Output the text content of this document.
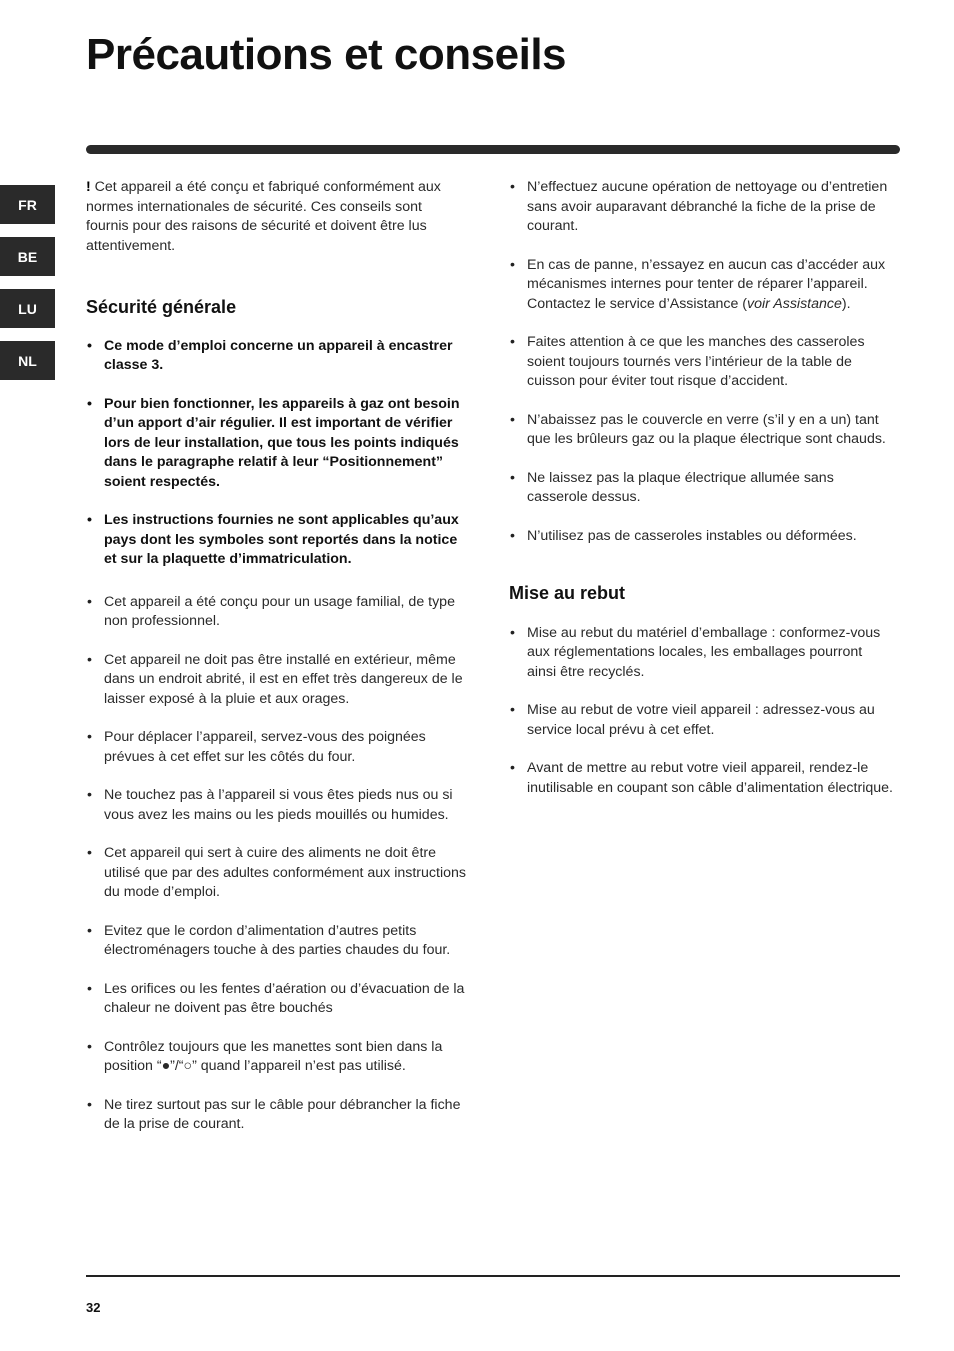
Précautions et conseils
FR
BE
LU
NL

! Cet appareil a été conçu et fabriqué conformément aux normes internationales de sécurité. Ces conseils sont fournis pour des raisons de sécurité et doivent être lus attentivement.

Sécurité générale
• Ce mode d’emploi concerne un appareil à encastrer classe 3.
• Pour bien fonctionner, les appareils à gaz ont besoin d’un apport d’air régulier. Il est important de vérifier lors de leur installation, que tous les points indiqués dans le paragraphe relatif à leur “Positionnement” soient respectés.
• Les instructions fournies ne sont applicables qu’aux pays dont les symboles sont reportés dans la notice et sur la plaquette d’immatriculation.
• Cet appareil a été conçu pour un usage familial, de type non professionnel.
• Cet appareil ne doit pas être installé en extérieur, même dans un endroit abrité, il est en effet très dangereux de le laisser exposé à la pluie et aux orages.
• Pour déplacer l’appareil, servez-vous des poignées prévues à cet effet sur les côtés du four.
• Ne touchez pas à l’appareil si vous êtes pieds nus ou si vous avez les mains ou les pieds mouillés ou humides.
• Cet appareil qui sert à cuire des aliments ne doit être utilisé que par des adultes conformément aux instructions du mode d’emploi.
• Evitez que le cordon d’alimentation d’autres petits électroménagers touche à des parties chaudes du four.
• Les orifices ou les fentes d’aération ou d’évacuation de la chaleur ne doivent pas être bouchés
• Contrôlez toujours que les manettes sont bien dans la position “●”/“○” quand l’appareil n’est pas utilisé.
• Ne tirez surtout pas sur le câble pour débrancher la fiche de la prise de courant.
• N’effectuez aucune opération de nettoyage ou d’entretien sans avoir auparavant débranché la fiche de la prise de courant.
• En cas de panne, n’essayez en aucun cas d’accéder aux mécanismes internes pour tenter de réparer l’appareil. Contactez le service d’Assistance (voir Assistance).
• Faites attention à ce que les manches des casseroles soient toujours tournés vers l’intérieur de la table de cuisson pour éviter tout risque d’accident.
• N’abaissez pas le couvercle en verre (s’il y en a un) tant que les brûleurs gaz ou la plaque électrique sont chauds.
• Ne laissez pas la plaque électrique allumée sans casserole dessus.
• N’utilisez pas de casseroles instables ou déformées.
Mise au rebut
• Mise au rebut du matériel d’emballage : conformez-vous aux réglementations locales, les emballages pourront ainsi être recyclés.
• Mise au rebut de votre vieil appareil : adressez-vous au service local prévu à cet effet.
• Avant de mettre au rebut votre vieil appareil, rendez-le inutilisable en coupant son câble d’alimentation électrique.
32
